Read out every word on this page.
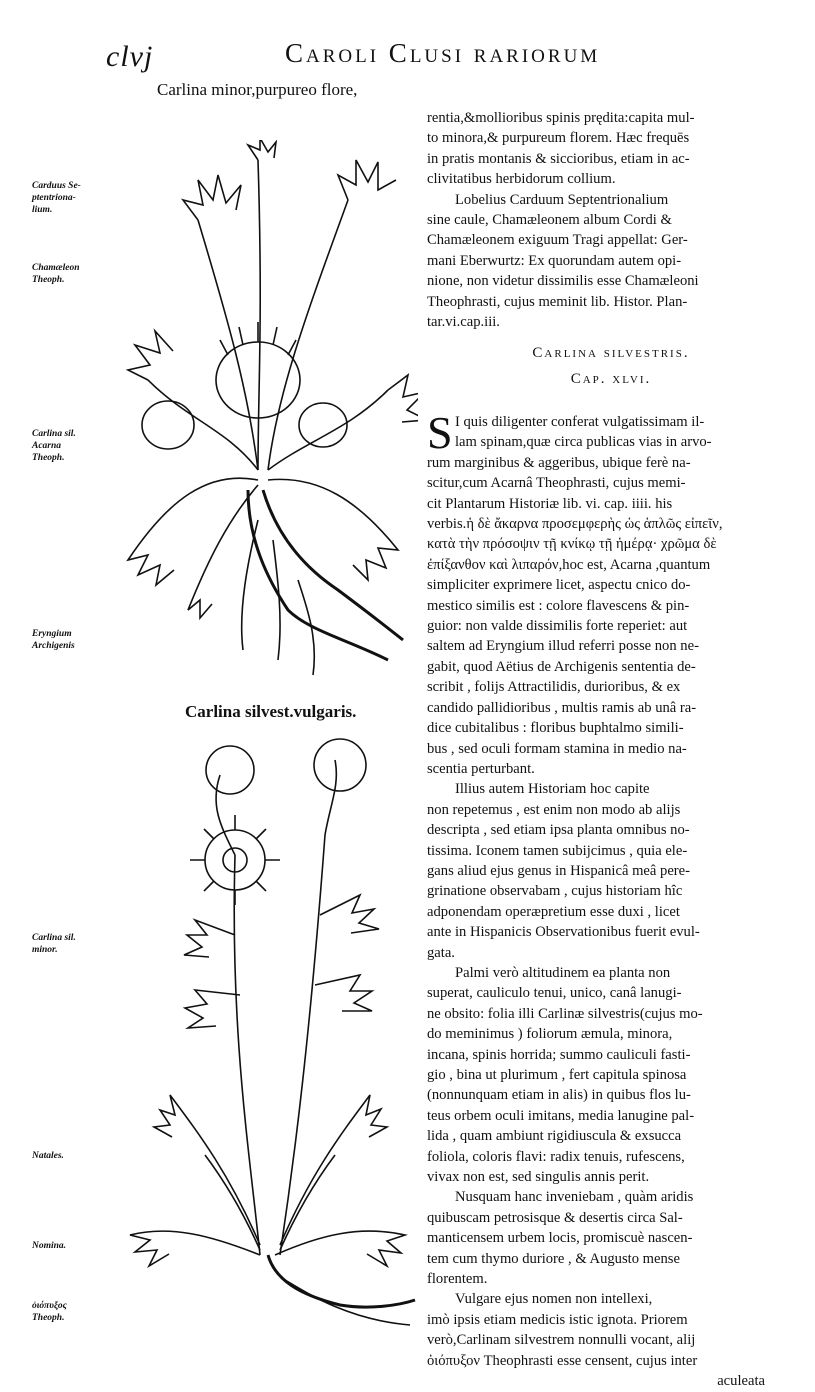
clvj	Caroli Clusi rariorum
Carlina minor,purpureo flore,
Carduus Se-
ptentriona-
lium.
Chamæleon
Theoph.
Carlina sil.
Acarna
Theoph.
Eryngium
Archigenis
Carlina sil.
minor.
Natales.
Nomina.
ὀιόπυξος
Theoph.
Carlina silvest.vulgaris.
rentia,&mollioribus spinis prędita:capita mul-
to minora,& purpureum florem. Hæc frequēs
in pratis montanis & siccioribus, etiam in ac-
clivitatibus herbidorum collium.
Lobelius Carduum Septentrionalium
sine caule, Chamæleonem album Cordi &
Chamæleonem exiguum Tragi appellat: Ger-
mani Eberwurtz: Ex quorundam autem opi-
nione, non videtur dissimilis esse Chamæleoni
Theophrasti, cujus meminit lib. Histor. Plan-
tar.vi.cap.iii.
Carlina silvestris.
Cap. xlvi.
S I quis diligenter conferat vulgatissimam il-
lam spinam,quæ circa publicas vias in arvo-
rum marginibus & aggeribus, ubique ferè na-
scitur,cum Acarnâ Theophrasti, cujus memi-
cit Plantarum Historiæ lib. vi. cap. iiii. his
verbis.ἡ δὲ ἄκαρνα προσεμφερὴς ὡς ἁπλῶς εἰπεῖν,
κατὰ τὴν πρόσοψιν τῇ κνίκῳ τῇ ἡμέρᾳ· χρῶμα δὲ
ἐπίξανθον καὶ λιπαρόν,hoc est, Acarna ,quantum
simpliciter exprimere licet, aspectu cnico do-
mestico similis est : colore flavescens & pin-
guior: non valde dissimilis forte reperiet: aut
saltem ad Eryngium illud referri posse non ne-
gabit, quod Aëtius de Archigenis sententia de-
scribit , folijs Attractilidis, durioribus, & ex
candido pallidioribus , multis ramis ab unâ ra-
dice cubitalibus : floribus buphtalmo simili-
bus , sed oculi formam stamina in medio na-
scentia perturbant.
Illius autem Historiam hoc capite
non repetemus , est enim non modo ab alijs
descripta , sed etiam ipsa planta omnibus no-
tissima. Iconem tamen subijcimus , quia ele-
gans aliud ejus genus in Hispanicâ meâ pere-
grinatione observabam , cujus historiam hîc
adponendam operæpretium esse duxi , licet
ante in Hispanicis Observationibus fuerit evul-
gata.
Palmi verò altitudinem ea planta non
superat, cauliculo tenui, unico, canâ lanugi-
ne obsito: folia illi Carlinæ silvestris(cujus mo-
do meminimus ) foliorum æmula, minora,
incana, spinis horrida; summo cauliculi fasti-
gio , bina ut plurimum , fert capitula spinosa
(nonnunquam etiam in alis) in quibus flos lu-
teus orbem oculi imitans, media lanugine pal-
lida , quam ambiunt rigidiuscula & exsucca
foliola, coloris flavi: radix tenuis, rufescens,
vivax non est, sed singulis annis perit.
Nusquam hanc inveniebam , quàm aridis
quibuscam petrosisque & desertis circa Sal-
manticensem urbem locis, promiscuè nascen-
tem cum thymo duriore , & Augusto mense
florentem.
Vulgare ejus nomen non intellexi,
imò ipsis etiam medicis istic ignota. Priorem
verò,Carlinam silvestrem nonnulli vocant, alij
ὀιόπυξον Theophrasti esse censent, cujus inter
aculeata
